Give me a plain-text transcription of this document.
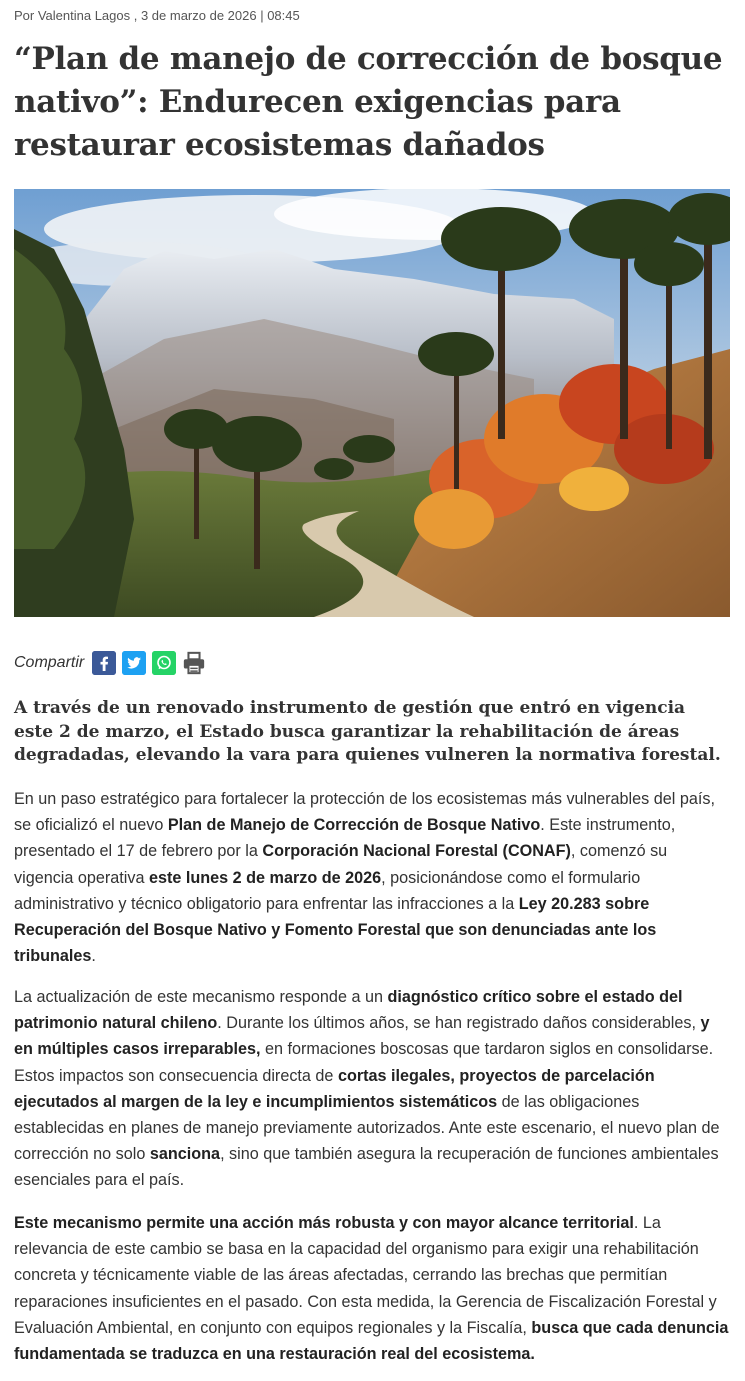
Por Valentina Lagos , 3 de marzo de 2026 | 08:45
“Plan de manejo de corrección de bosque nativo”: Endurecen exigencias para restaurar ecosistemas dañados
Compartir

A través de un renovado instrumento de gestión que entró en vigencia este 2 de marzo, el Estado busca garantizar la rehabilitación de áreas degradadas, elevando la vara para quienes vulneren la normativa forestal.

En un paso estratégico para fortalecer la protección de los ecosistemas más vulnerables del país, se oficializó el nuevo Plan de Manejo de Corrección de Bosque Nativo. Este instrumento, presentado el 17 de febrero por la Corporación Nacional Forestal (CONAF), comenzó su vigencia operativa este lunes 2 de marzo de 2026, posicionándose como el formulario administrativo y técnico obligatorio para enfrentar las infracciones a la Ley 20.283 sobre Recuperación del Bosque Nativo y Fomento Forestal que son denunciadas ante los tribunales.

La actualización de este mecanismo responde a un diagnóstico crítico sobre el estado del patrimonio natural chileno. Durante los últimos años, se han registrado daños considerables, y en múltiples casos irreparables, en formaciones boscosas que tardaron siglos en consolidarse. Estos impactos son consecuencia directa de cortas ilegales, proyectos de parcelación ejecutados al margen de la ley e incumplimientos sistemáticos de las obligaciones establecidas en planes de manejo previamente autorizados. Ante este escenario, el nuevo plan de corrección no solo sanciona, sino que también asegura la recuperación de funciones ambientales esenciales para el país.

Este mecanismo permite una acción más robusta y con mayor alcance territorial. La relevancia de este cambio se basa en la capacidad del organismo para exigir una rehabilitación concreta y técnicamente viable de las áreas afectadas, cerrando las brechas que permitían reparaciones insuficientes en el pasado. Con esta medida, la Gerencia de Fiscalización Forestal y Evaluación Ambiental, en conjunto con equipos regionales y la Fiscalía, busca que cada denuncia fundamentada se traduzca en una restauración real del ecosistema.
